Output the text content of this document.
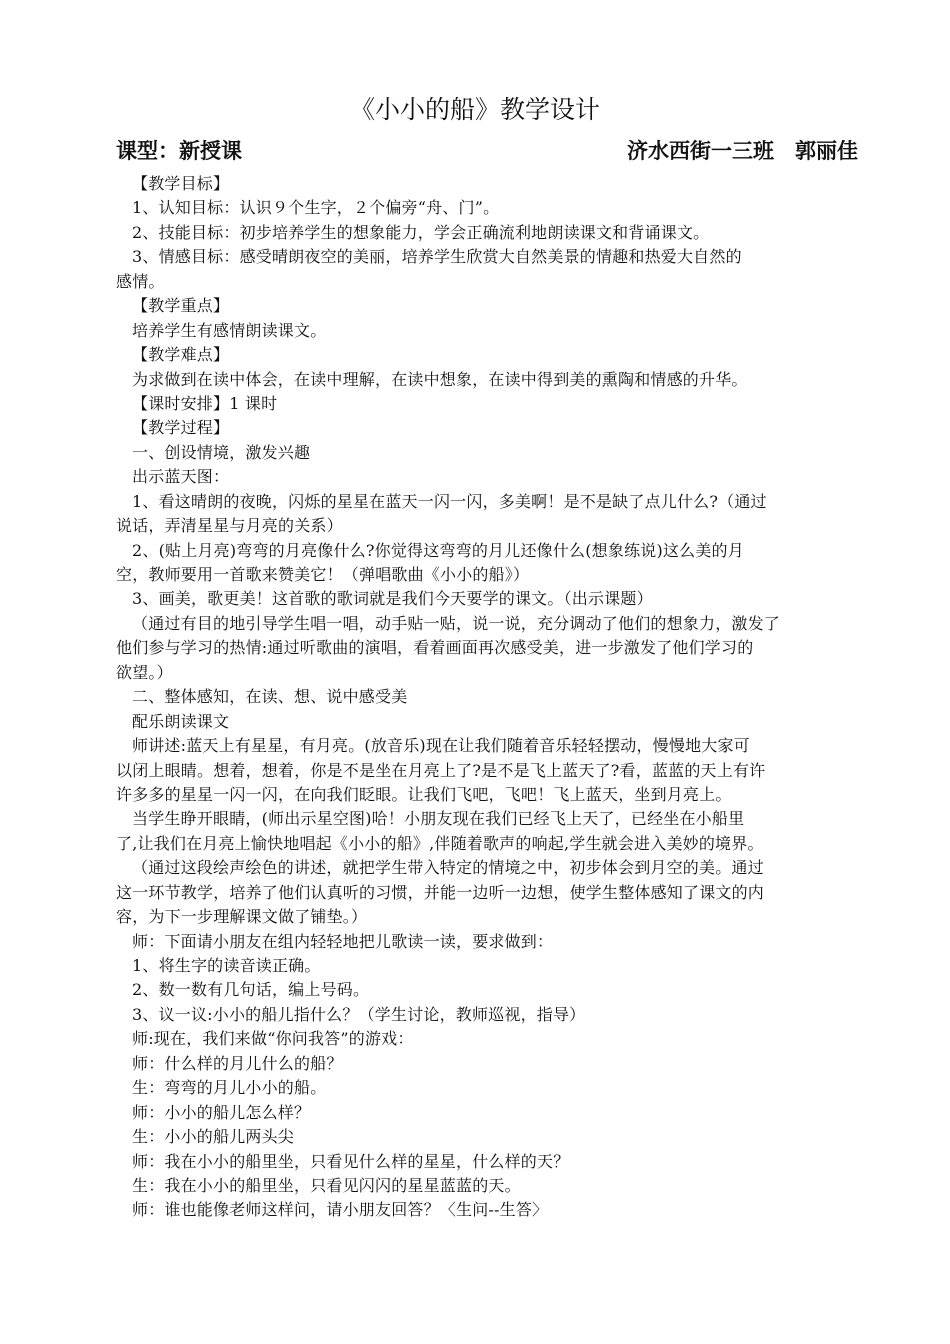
《小小的船》教学设计
课型：新授课	济水西街一三班　郭丽佳
【教学目标】
1、认知目标：认识９个生字，２个偏旁“舟、门”。
2、技能目标：初步培养学生的想象能力，学会正确流利地朗读课文和背诵课文。
3、情感目标：感受晴朗夜空的美丽，培养学生欣赏大自然美景的情趣和热爱大自然的
感情。
【教学重点】
培养学生有感情朗读课文。
【教学难点】
为求做到在读中体会，在读中理解，在读中想象，在读中得到美的熏陶和情感的升华。
【课时安排】1 课时
【教学过程】
一、创设情境，激发兴趣
出示蓝天图：
1、看这晴朗的夜晚，闪烁的星星在蓝天一闪一闪，多美啊！是不是缺了点儿什么?（通过
说话，弄清星星与月亮的关系）
2、(贴上月亮)弯弯的月亮像什么?你觉得这弯弯的月儿还像什么(想象练说)这么美的月
空，教师要用一首歌来赞美它！（弹唱歌曲《小小的船》）
3、画美，歌更美！这首歌的歌词就是我们今天要学的课文。（出示课题）
（通过有目的地引导学生唱一唱，动手贴一贴，说一说，充分调动了他们的想象力，激发了
他们参与学习的热情:通过听歌曲的演唱，看着画面再次感受美，进一步激发了他们学习的
欲望。）
二、整体感知，在读、想、说中感受美
配乐朗读课文
师讲述:蓝天上有星星，有月亮。(放音乐)现在让我们随着音乐轻轻摆动，慢慢地大家可
以闭上眼睛。想着，想着，你是不是坐在月亮上了?是不是飞上蓝天了?看，蓝蓝的天上有许
许多多的星星一闪一闪，在向我们眨眼。让我们飞吧，飞吧！飞上蓝天，坐到月亮上。
当学生睁开眼睛，(师出示星空图)哈！小朋友现在我们已经飞上天了，已经坐在小船里
了,让我们在月亮上愉快地唱起《小小的船》,伴随着歌声的响起,学生就会进入美妙的境界。
（通过这段绘声绘色的讲述，就把学生带入特定的情境之中，初步体会到月空的美。通过
这一环节教学，培养了他们认真听的习惯，并能一边听一边想，使学生整体感知了课文的内
容，为下一步理解课文做了铺垫。）
师：下面请小朋友在组内轻轻地把儿歌读一读，要求做到：
1、将生字的读音读正确。
2、数一数有几句话，编上号码。
3、议一议:小小的船儿指什么？（学生讨论，教师巡视，指导）
师:现在，我们来做“你问我答”的游戏：
师：什么样的月儿什么的船？
生：弯弯的月儿小小的船。
师：小小的船儿怎么样？
生：小小的船儿两头尖
师：我在小小的船里坐，只看见什么样的星星，什么样的天？
生：我在小小的船里坐，只看见闪闪的星星蓝蓝的天。
师：谁也能像老师这样问，请小朋友回答？〈生问--生答〉
